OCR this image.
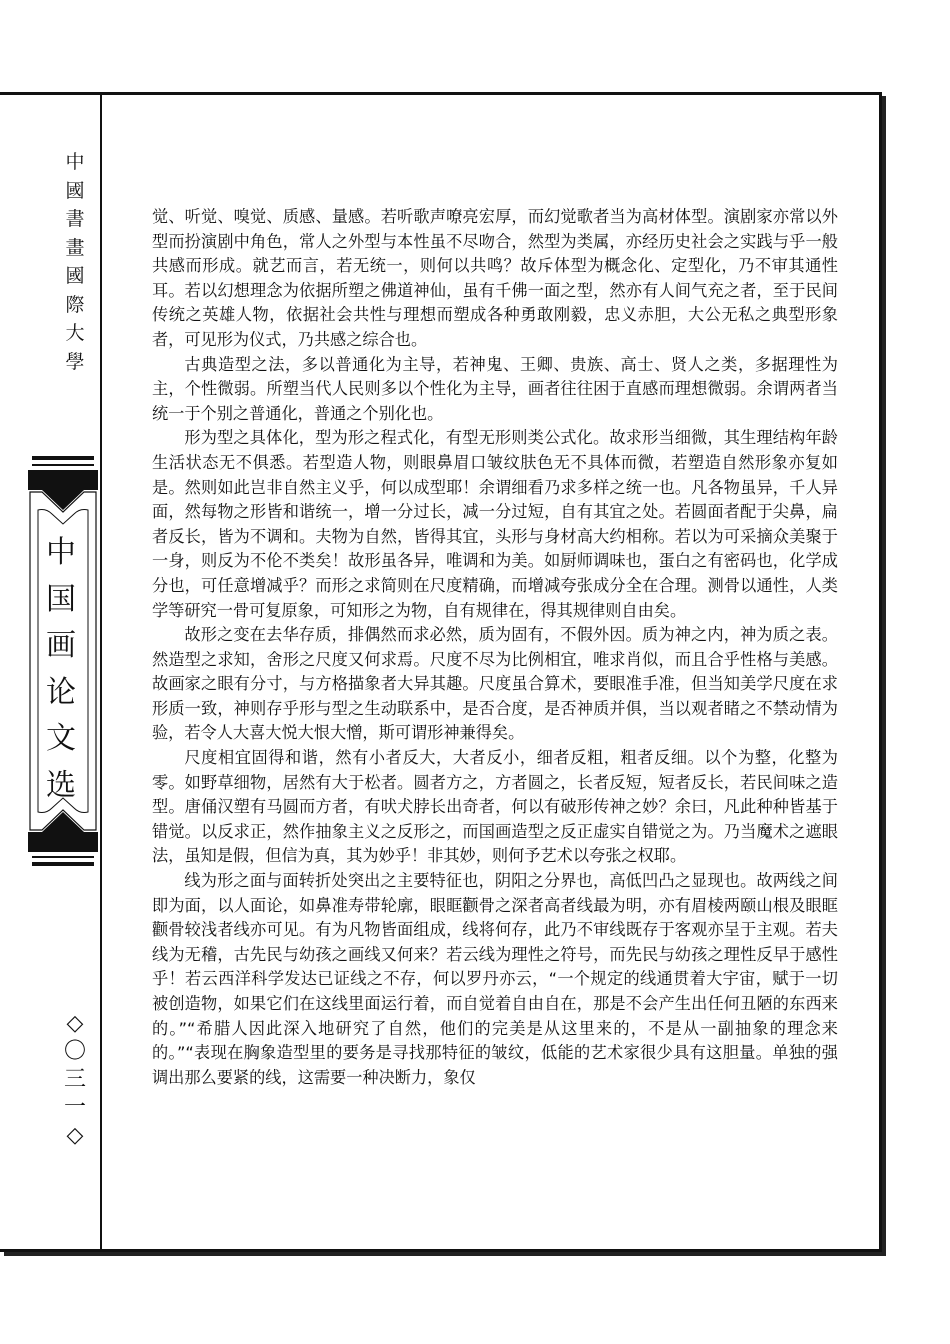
中國書畫國際大學
中国画论文选
◇〇三一◇

觉、听觉、嗅觉、质感、量感。若听歌声嘹亮宏厚，而幻觉歌者当为高材体型。演剧家亦常以外型而扮演剧中角色，常人之外型与本性虽不尽吻合，然型为类属，亦经历史社会之实践与乎一般共感而形成。就艺而言，若无统一，则何以共鸣？故斥体型为概念化、定型化，乃不审其通性耳。若以幻想理念为依据所塑之佛道神仙，虽有千佛一面之型，然亦有人间气充之者，至于民间传统之英雄人物，依据社会共性与理想而塑成各种勇敢刚毅，忠义赤胆，大公无私之典型形象者，可见形为仪式，乃共感之综合也。

古典造型之法，多以普通化为主导，若神鬼、王卿、贵族、高士、贤人之类，多据理性为主，个性微弱。所塑当代人民则多以个性化为主导，画者往往困于直感而理想微弱。余谓两者当统一于个别之普通化，普通之个别化也。

形为型之具体化，型为形之程式化，有型无形则类公式化。故求形当细微，其生理结构年龄生活状态无不俱悉。若型造人物，则眼鼻眉口皱纹肤色无不具体而微，若塑造自然形象亦复如是。然则如此岂非自然主义乎，何以成型耶！余谓细看乃求多样之统一也。凡各物虽异，千人异面，然每物之形皆和谐统一，增一分过长，减一分过短，自有其宜之处。若圆面者配于尖鼻，扁者反长，皆为不调和。夫物为自然，皆得其宜，头形与身材高大约相称。若以为可采摘众美聚于一身，则反为不伦不类矣！故形虽各异，唯调和为美。如厨师调味也，蛋白之有密码也，化学成分也，可任意增减乎？而形之求简则在尺度精确，而增减夸张成分全在合理。测骨以通性，人类学等研究一骨可复原象，可知形之为物，自有规律在，得其规律则自由矣。

故形之变在去华存质，排偶然而求必然，质为固有，不假外因。质为神之内，神为质之表。然造型之求知，舍形之尺度又何求焉。尺度不尽为比例相宜，唯求肖似，而且合乎性格与美感。故画家之眼有分寸，与方格描象者大异其趣。尺度虽合算术，要眼准手准，但当知美学尺度在求形质一致，神则存乎形与型之生动联系中，是否合度，是否神质并俱，当以观者睹之不禁动情为验，若令人大喜大悦大恨大憎，斯可谓形神兼得矣。

尺度相宜固得和谐，然有小者反大，大者反小，细者反粗，粗者反细。以个为整，化整为零。如野草细物，居然有大于松者。圆者方之，方者圆之，长者反短，短者反长，若民间味之造型。唐俑汉塑有马圆而方者，有吠犬脖长出奇者，何以有破形传神之妙？余曰，凡此种种皆基于错觉。以反求正，然作抽象主义之反形之，而国画造型之反正虚实自错觉之为。乃当魔术之遮眼法，虽知是假，但信为真，其为妙乎！非其妙，则何予艺术以夸张之权耶。

线为形之面与面转折处突出之主要特征也，阴阳之分界也，高低凹凸之显现也。故两线之间即为面，以人面论，如鼻准寿带轮廓，眼眶颧骨之深者高者线最为明，亦有眉棱两颐山根及眼眶颧骨较浅者线亦可见。有为凡物皆面组成，线将何存，此乃不审线既存于客观亦呈于主观。若夫线为无稽，古先民与幼孩之画线又何来？若云线为理性之符号，而先民与幼孩之理性反早于感性乎！若云西洋科学发达已证线之不存，何以罗丹亦云，“一个规定的线通贯着大宇宙，赋于一切被创造物，如果它们在这线里面运行着，而自觉着自由自在，那是不会产生出任何丑陋的东西来的。”“希腊人因此深入地研究了自然，他们的完美是从这里来的，不是从一副抽象的理念来的。”“表现在胸象造型里的要务是寻找那特征的皱纹，低能的艺术家很少具有这胆量。单独的强调出那么要紧的线，这需要一种决断力，象仅
